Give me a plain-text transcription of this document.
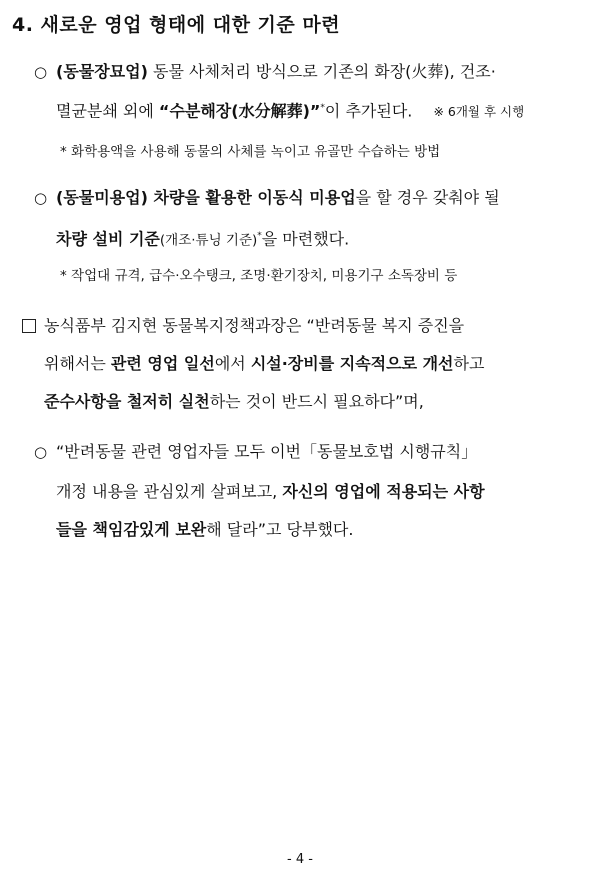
4. 새로운 영업 형태에 대한 기준 마련
○ (동물장묘업) 동물 사체처리 방식으로 기존의 화장(火葬), 건조·
멸균분쇄 외에 “수분해장(水分解葬)”*이 추가된다. ※ 6개월 후 시행
* 화학용액을 사용해 동물의 사체를 녹이고 유골만 수습하는 방법
○ (동물미용업) 차량을 활용한 이동식 미용업을 할 경우 갖춰야 될
차량 설비 기준(개조·튜닝 기준)*을 마련했다.
* 작업대 규격, 급수·오수탱크, 조명·환기장치, 미용기구 소독장비 등
농식품부 김지현 동물복지정책과장은 “반려동물 복지 증진을
위해서는 관련 영업 일선에서 시설·장비를 지속적으로 개선하고
준수사항을 철저히 실천하는 것이 반드시 필요하다”며,
○ “반려동물 관련 영업자들 모두 이번「동물보호법 시행규칙」
개정 내용을 관심있게 살펴보고, 자신의 영업에 적용되는 사항
들을 책임감있게 보완해 달라”고 당부했다.
- 4 -
